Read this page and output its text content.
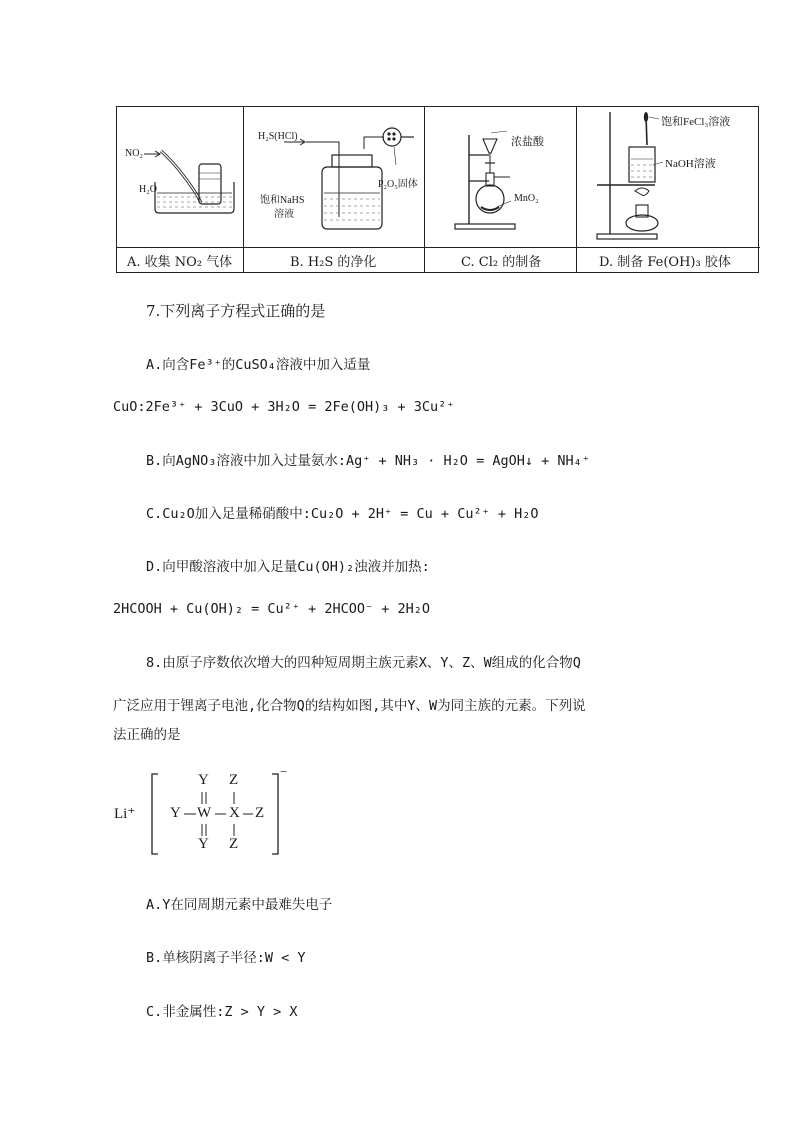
NO₂
H₂O
A. 收集 NO₂ 气体
H₂S(HCl)
饱和NaHS
溶液
P₂O₅固体
B. H₂S 的净化
浓盐酸
MnO₂
C. Cl₂ 的制备
饱和FeCl₃溶液
NaOH溶液
D. 制备 Fe(OH)₃ 胶体
7.下列离子方程式正确的是
A.向含Fe³⁺的CuSO₄溶液中加入适量
CuO:2Fe³⁺ + 3CuO + 3H₂O = 2Fe(OH)₃ + 3Cu²⁺
B.向AgNO₃溶液中加入过量氨水:Ag⁺ + NH₃ · H₂O = AgOH↓ + NH₄⁺
C.Cu₂O加入足量稀硝酸中:Cu₂O + 2H⁺ = Cu + Cu²⁺ + H₂O
D.向甲酸溶液中加入足量Cu(OH)₂浊液并加热:
2HCOOH + Cu(OH)₂ = Cu²⁺ + 2HCOO⁻ + 2H₂O
8.由原子序数依次增大的四种短周期主族元素X、Y、Z、W组成的化合物Q
广泛应用于锂离子电池,化合物Q的结构如图,其中Y、W为同主族的元素。下列说
法正确的是
Li⁺
−
Y Z
Y W X Z
Y Z
A.Y在同周期元素中最难失电子
B.单核阴离子半径:W < Y
C.非金属性:Z > Y > X
